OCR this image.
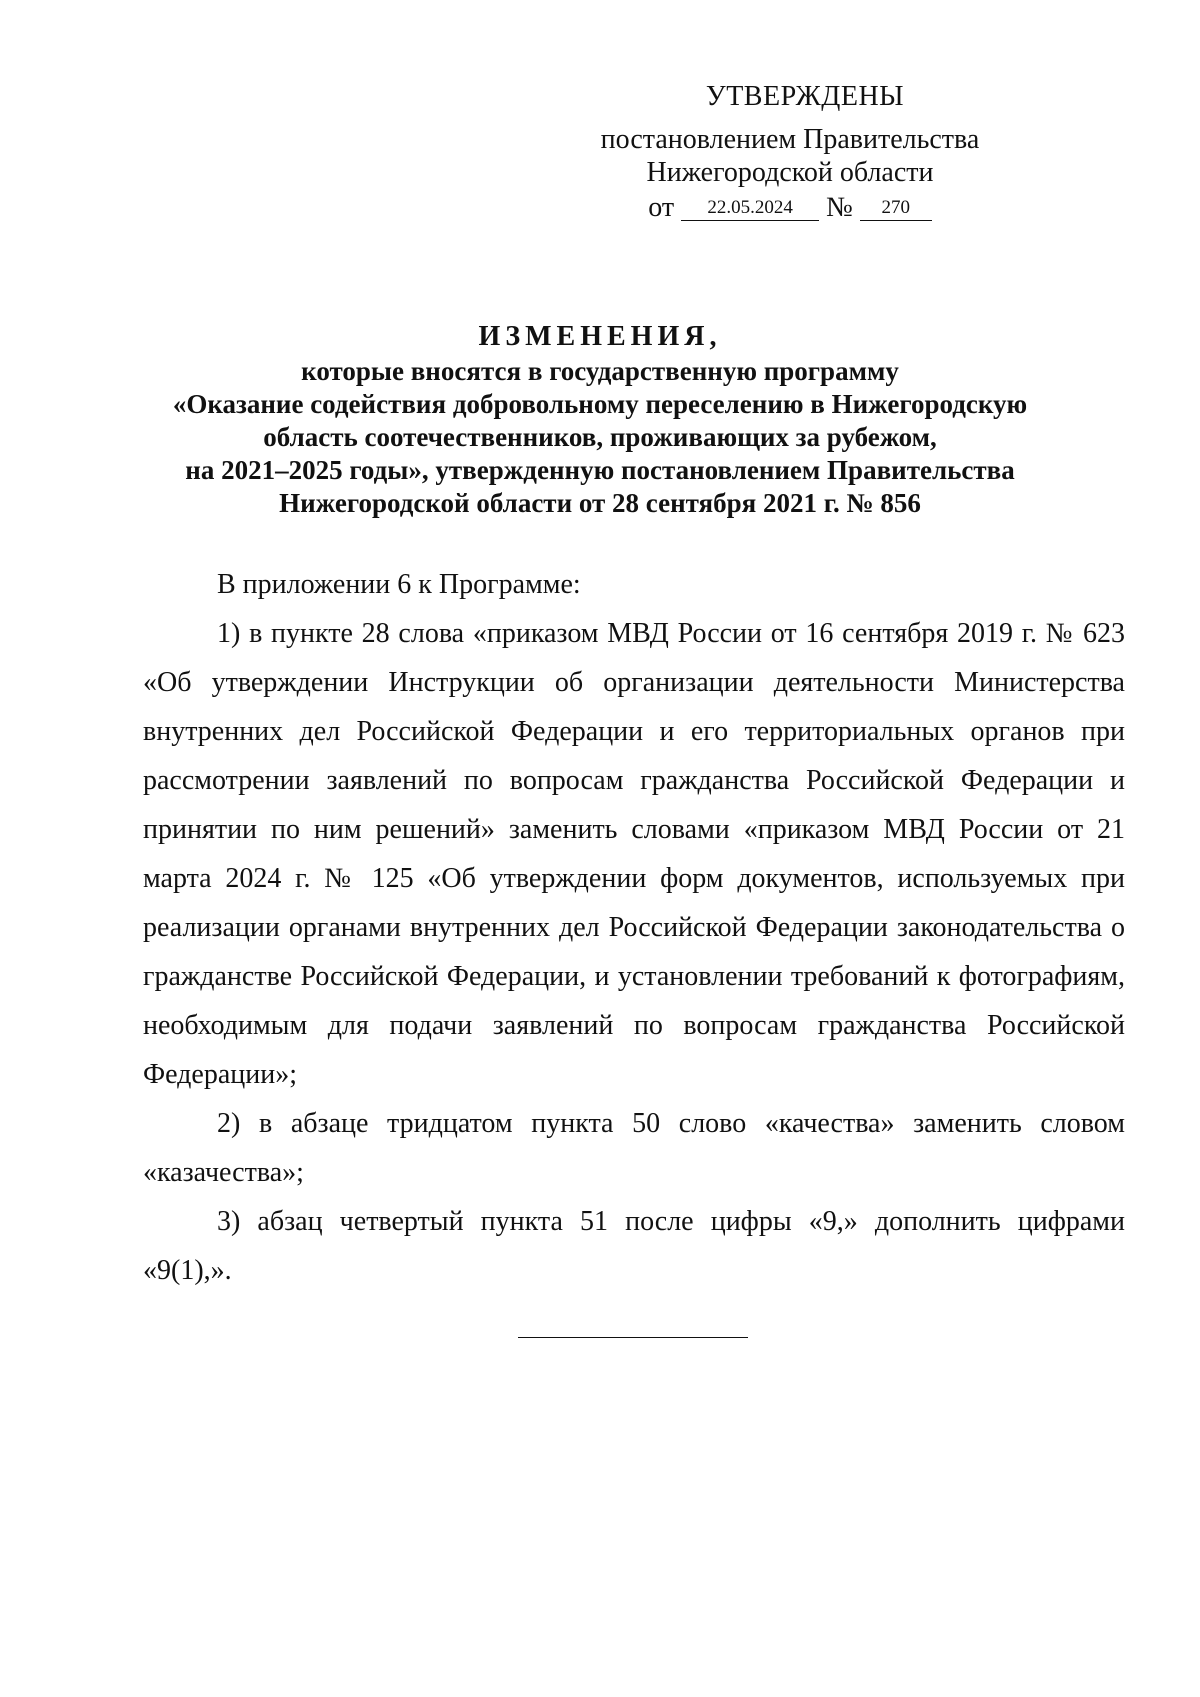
УТВЕРЖДЕНЫ
постановлением Правительства
Нижегородской области
от 22.05.2024 № 270
ИЗМЕНЕНИЯ,
которые вносятся в государственную программу
«Оказание содействия добровольному переселению в Нижегородскую
область соотечественников, проживающих за рубежом,
на 2021–2025 годы», утвержденную постановлением Правительства
Нижегородской области от 28 сентября 2021 г. № 856

В приложении 6 к Программе:

1) в пункте 28 слова «приказом МВД России от 16 сентября 2019 г. № 623 «Об утверждении Инструкции об организации деятельности Министерства внутренних дел Российской Федерации и его территориальных органов при рассмотрении заявлений по вопросам гражданства Российской Федерации и принятии по ним решений» заменить словами «приказом МВД России от 21 марта 2024 г. № 125 «Об утверждении форм документов, используемых при реализации органами внутренних дел Российской Федерации законодательства о гражданстве Российской Федерации, и установлении требований к фотографиям, необходимым для подачи заявлений по вопросам гражданства Российской Федерации»;

2) в абзаце тридцатом пункта 50 слово «качества» заменить словом «казачества»;

3) абзац четвертый пункта 51 после цифры «9,» дополнить цифрами «9(1),».
